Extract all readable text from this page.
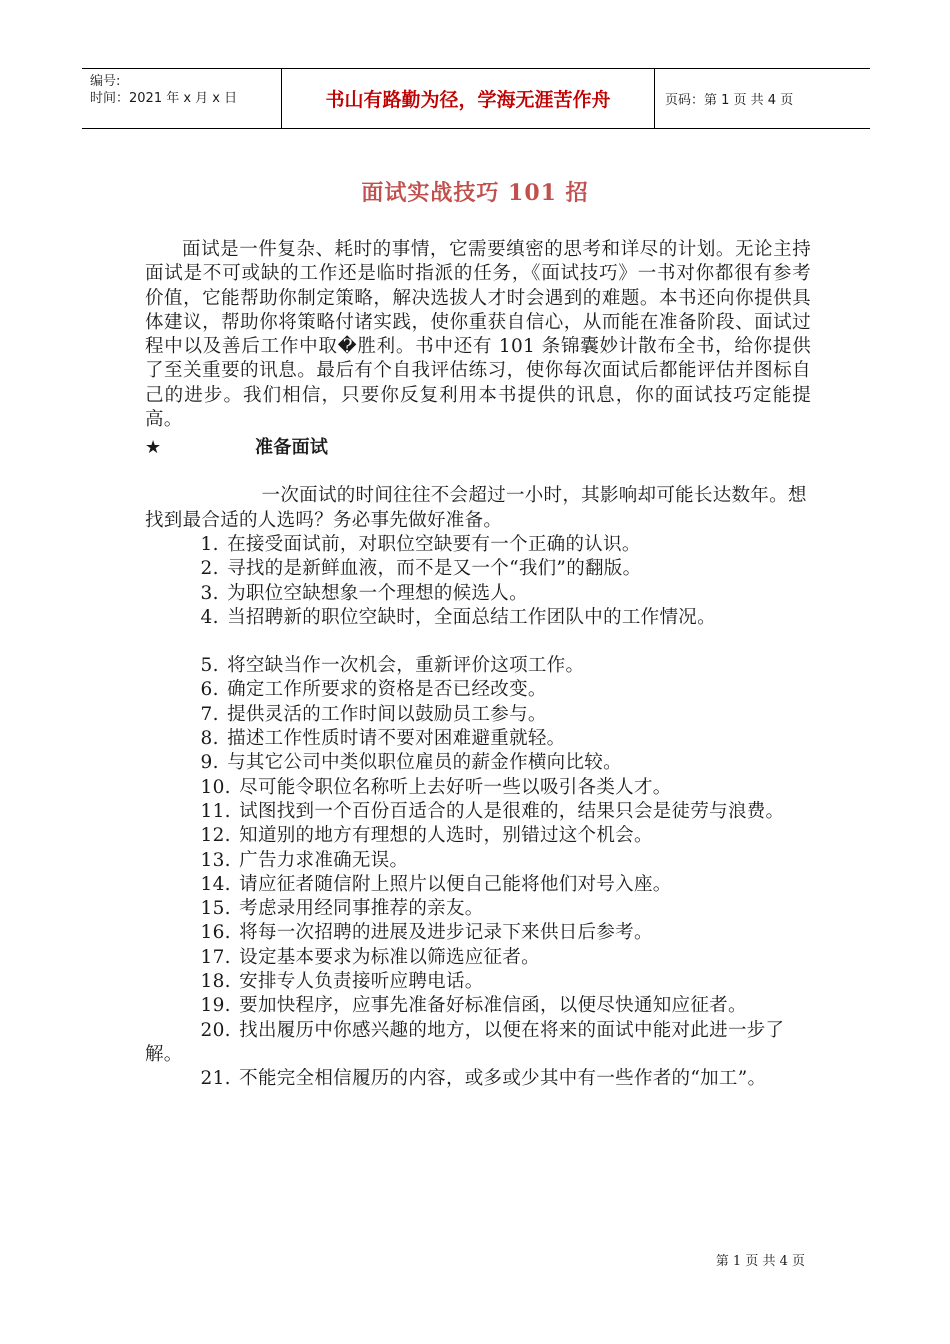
编号:
时间：2021 年 x 月 x 日	书山有路勤为径，学海无涯苦作舟	页码：第 1 页 共 4 页
面试实战技巧 101 招

面试是一件复杂、耗时的事情，它需要缜密的思考和详尽的计划。无论主持面试是不可或缺的工作还是临时指派的任务，《面试技巧》一书对你都很有参考价值，它能帮助你制定策略，解决选拔人才时会遇到的难题。本书还向你提供具体建议，帮助你将策略付诸实践，使你重获自信心，从而能在准备阶段、面试过程中以及善后工作中取�胜利。书中还有 101 条锦囊妙计散布全书，给你提供了至关重要的讯息。最后有个自我评估练习，使你每次面试后都能评估并图标自己的进步。我们相信，只要你反复利用本书提供的讯息，你的面试技巧定能提高。

★	准备面试

一次面试的时间往往不会超过一小时，其影响却可能长达数年。想找到最合适的人选吗？务必事先做好准备。

1. 在接受面试前，对职位空缺要有一个正确的认识。
2. 寻找的是新鲜血液，而不是又一个“我们”的翻版。
3. 为职位空缺想象一个理想的候选人。
4. 当招聘新的职位空缺时，全面总结工作团队中的工作情况。
5. 将空缺当作一次机会，重新评价这项工作。
6. 确定工作所要求的资格是否已经改变。
7. 提供灵活的工作时间以鼓励员工参与。
8. 描述工作性质时请不要对困难避重就轻。
9. 与其它公司中类似职位雇员的薪金作横向比较。
10. 尽可能令职位名称听上去好听一些以吸引各类人才。
11. 试图找到一个百份百适合的人是很难的，结果只会是徒劳与浪费。
12. 知道别的地方有理想的人选时，别错过这个机会。
13. 广告力求准确无误。
14. 请应征者随信附上照片以便自己能将他们对号入座。
15. 考虑录用经同事推荐的亲友。
16. 将每一次招聘的进展及进步记录下来供日后参考。
17. 设定基本要求为标准以筛选应征者。
18. 安排专人负责接听应聘电话。
19. 要加快程序，应事先准备好标准信函，以便尽快通知应征者。
20. 找出履历中你感兴趣的地方，以便在将来的面试中能对此进一步了解。
21. 不能完全相信履历的内容，或多或少其中有一些作者的“加工”。
第 1 页 共 4 页
